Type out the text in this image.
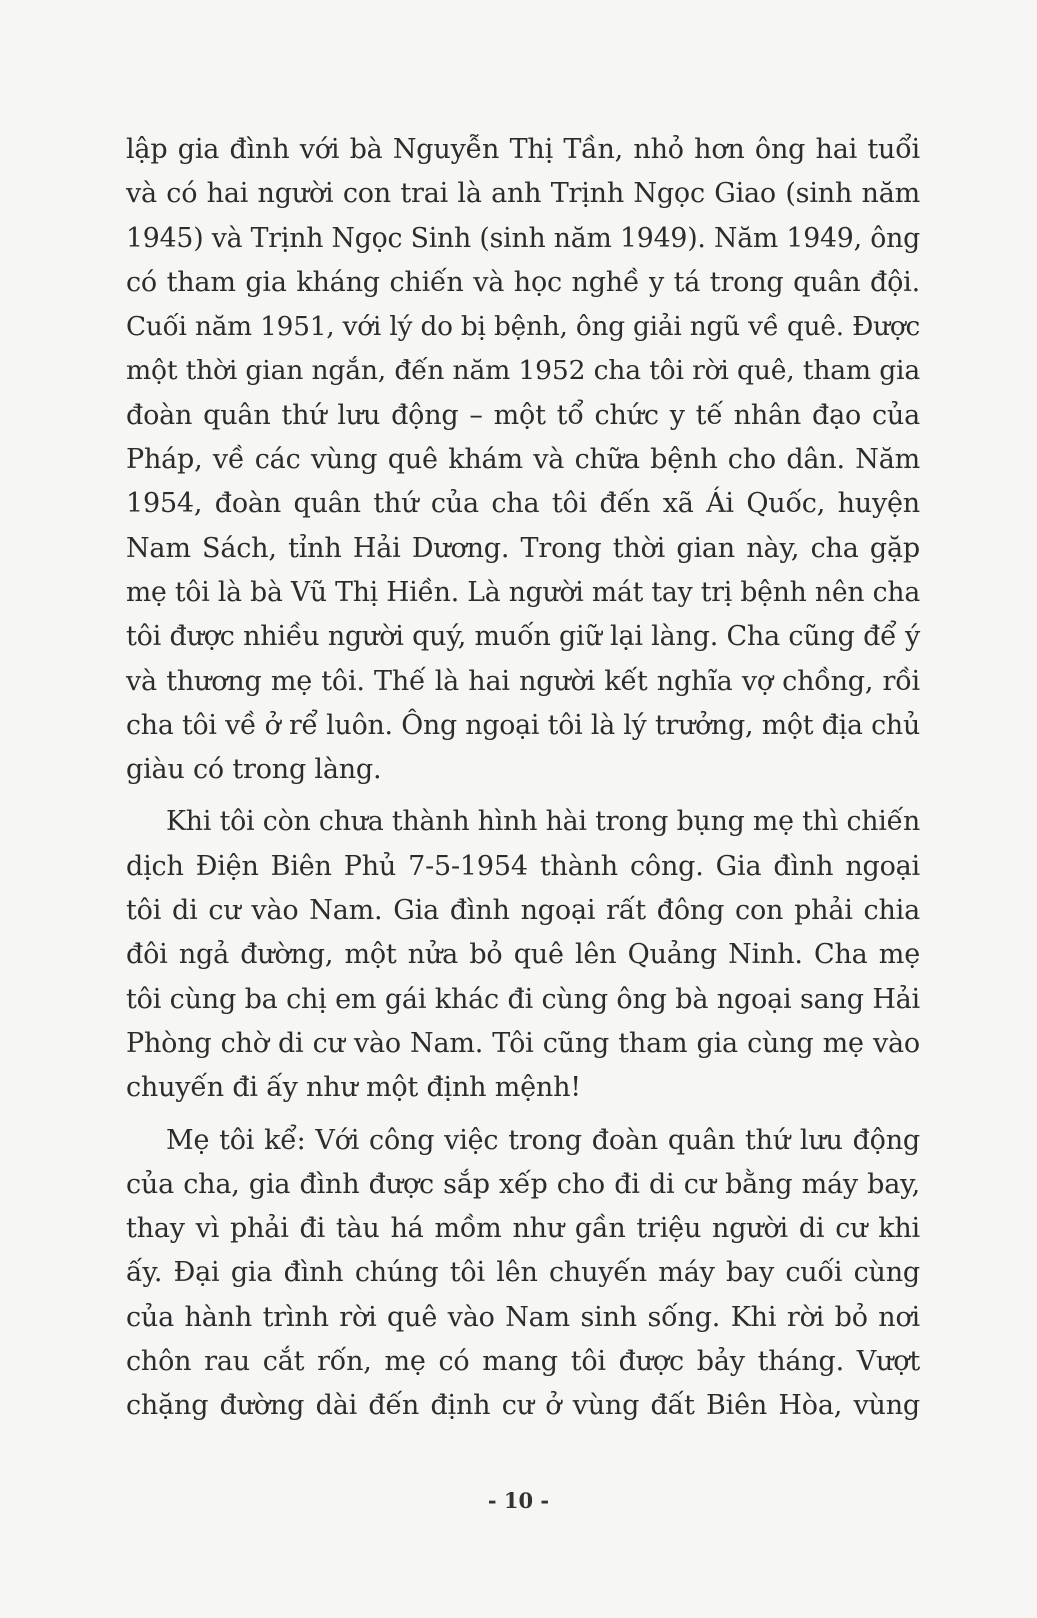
lập gia đình với bà Nguyễn Thị Tần, nhỏ hơn ông hai tuổi
và có hai người con trai là anh Trịnh Ngọc Giao (sinh năm
1945) và Trịnh Ngọc Sinh (sinh năm 1949). Năm 1949, ông
có tham gia kháng chiến và học nghề y tá trong quân đội.
Cuối năm 1951, với lý do bị bệnh, ông giải ngũ về quê. Được
một thời gian ngắn, đến năm 1952 cha tôi rời quê, tham gia
đoàn quân thứ lưu động – một tổ chức y tế nhân đạo của
Pháp, về các vùng quê khám và chữa bệnh cho dân. Năm
1954, đoàn quân thứ của cha tôi đến xã Ái Quốc, huyện
Nam Sách, tỉnh Hải Dương. Trong thời gian này, cha gặp
mẹ tôi là bà Vũ Thị Hiền. Là người mát tay trị bệnh nên cha
tôi được nhiều người quý, muốn giữ lại làng. Cha cũng để ý
và thương mẹ tôi. Thế là hai người kết nghĩa vợ chồng, rồi
cha tôi về ở rể luôn. Ông ngoại tôi là lý trưởng, một địa chủ
giàu có trong làng.

Khi tôi còn chưa thành hình hài trong bụng mẹ thì chiến
dịch Điện Biên Phủ 7-5-1954 thành công. Gia đình ngoại
tôi di cư vào Nam. Gia đình ngoại rất đông con phải chia
đôi ngả đường, một nửa bỏ quê lên Quảng Ninh. Cha mẹ
tôi cùng ba chị em gái khác đi cùng ông bà ngoại sang Hải
Phòng chờ di cư vào Nam. Tôi cũng tham gia cùng mẹ vào
chuyến đi ấy như một định mệnh!

Mẹ tôi kể: Với công việc trong đoàn quân thứ lưu động
của cha, gia đình được sắp xếp cho đi di cư bằng máy bay,
thay vì phải đi tàu há mồm như gần triệu người di cư khi
ấy. Đại gia đình chúng tôi lên chuyến máy bay cuối cùng
của hành trình rời quê vào Nam sinh sống. Khi rời bỏ nơi
chôn rau cắt rốn, mẹ có mang tôi được bảy tháng. Vượt
chặng đường dài đến định cư ở vùng đất Biên Hòa, vùng

- 10 -
